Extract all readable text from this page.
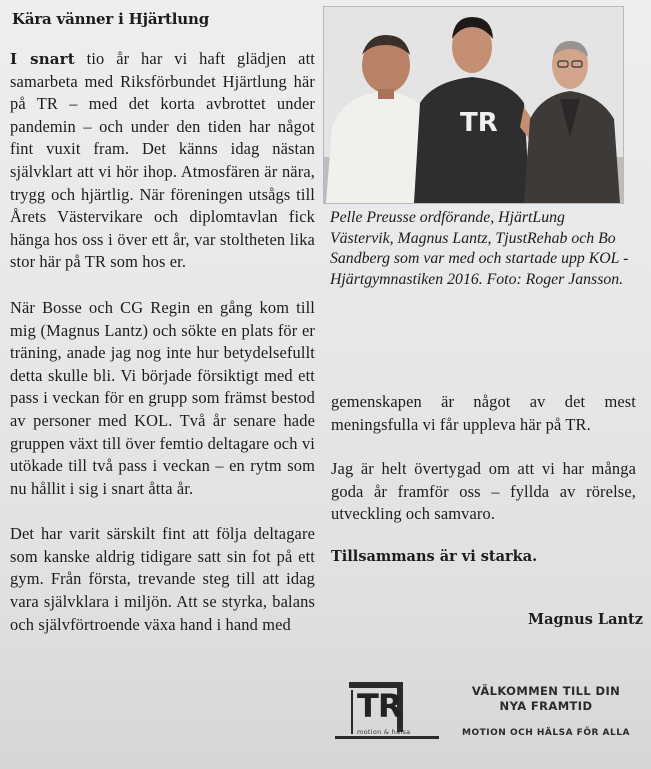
Kära vänner i Hjärtlung

I snart tio år har vi haft glädjen att samarbeta med Riksförbundet Hjärtlung här på TR – med det korta avbrottet under pandemin – och under den tiden har något fint vuxit fram. Det känns idag nästan självklart att vi hör ihop. Atmosfären är nära, trygg och hjärtlig. När föreningen utsågs till Årets Västervikare och diplomtavlan fick hänga hos oss i över ett år, var stoltheten lika stor här på TR som hos er.

När Bosse och CG Regin en gång kom till mig (Magnus Lantz) och sökte en plats för er träning, anade jag nog inte hur betydelsefullt detta skulle bli. Vi började försiktigt med ett pass i veckan för en grupp som främst bestod av personer med KOL. Två år senare hade gruppen växt till över femtio deltagare och vi utökade till två pass i veckan – en rytm som nu hållit i sig i snart åtta år.

Det har varit särskilt fint att följa deltagare som kanske aldrig tidigare satt sin fot på ett gym. Från första, trevande steg till att idag vara självklara i miljön. Att se styrka, balans och självförtroende växa hand i hand med

TR

Pelle Preusse ordförande, HjärtLung Västervik, Magnus Lantz, TjustRehab och Bo Sandberg som var med och startade upp KOL - Hjärtgymnastiken 2016. Foto: Roger Jansson.

gemenskapen är något av det mest meningsfulla vi får uppleva här på TR.

Jag är helt övertygad om att vi har många goda år framför oss – fyllda av rörelse, utveckling och samvaro.

Tillsammans är vi starka.

Magnus Lantz

TR
motion & hälsa

VÄLKOMMEN TILL DIN
NYA FRAMTID

MOTION OCH HÄLSA FÖR ALLA
